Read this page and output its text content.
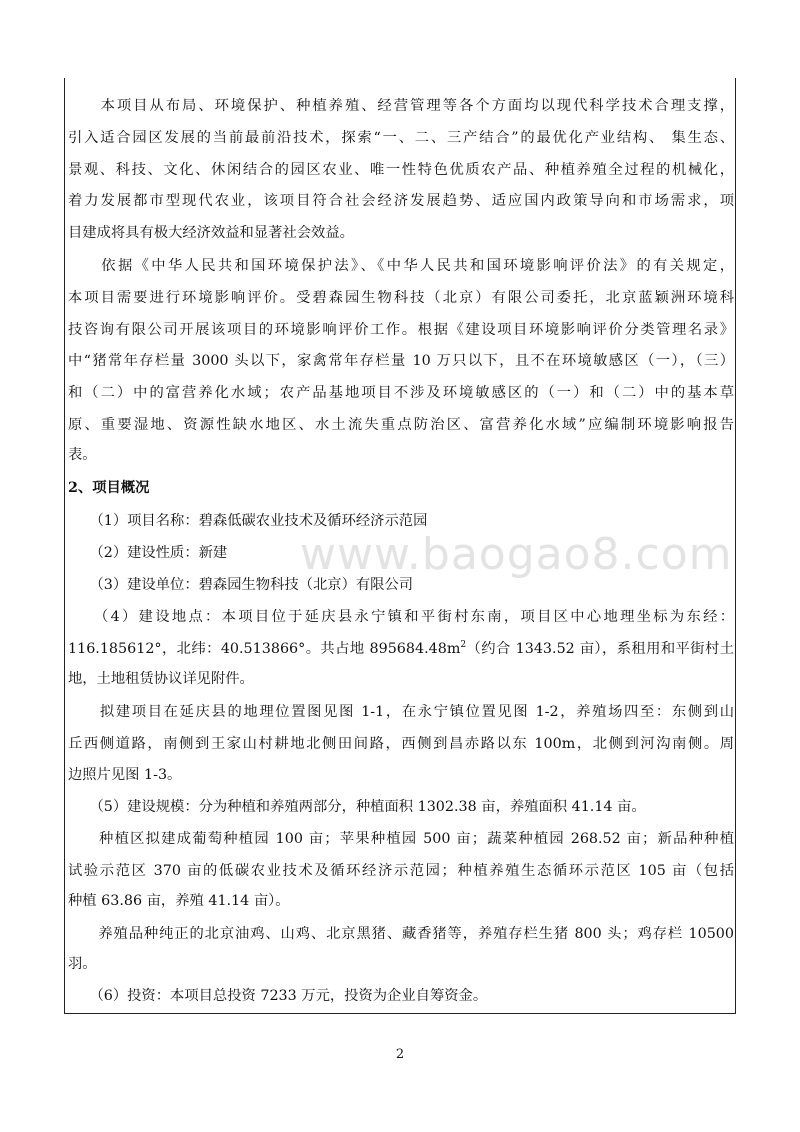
　　本项目从布局、环境保护、种植养殖、经营管理等各个方面均以现代科学技术合理支撑，
引入适合园区发展的当前最前沿技术，探索“一、二、三产结合”的最优化产业结构、 集生态、
景观、科技、文化、休闲结合的园区农业、唯一性特色优质农产品、种植养殖全过程的机械化，
着力发展都市型现代农业，该项目符合社会经济发展趋势、适应国内政策导向和市场需求，项
目建成将具有极大经济效益和显著社会效益。
　　依据《中华人民共和国环境保护法》、《中华人民共和国环境影响评价法》的有关规定，
本项目需要进行环境影响评价。受碧森园生物科技（北京）有限公司委托，北京蓝颖洲环境科
技咨询有限公司开展该项目的环境影响评价工作。根据《建设项目环境影响评价分类管理名录》
中“猪常年存栏量 3000 头以下，家禽常年存栏量 10 万只以下，且不在环境敏感区（一），（三）
和（二）中的富营养化水域；农产品基地项目不涉及环境敏感区的（一）和（二）中的基本草
原、重要湿地、资源性缺水地区、水土流失重点防治区、富营养化水域”应编制环境影响报告
表。
2、项目概况
　　（1）项目名称：碧森低碳农业技术及循环经济示范园
　　（2）建设性质：新建
　　（3）建设单位：碧森园生物科技（北京）有限公司
　　（4）建设地点：本项目位于延庆县永宁镇和平街村东南，项目区中心地理坐标为东经：
116.185612°，北纬：40.513866°。共占地 $895684.48m^2$（约合 1343.52 亩），系租用和平街村土
地，土地租赁协议详见附件。
　　拟建项目在延庆县的地理位置图见图 1-1，在永宁镇位置见图 1-2，养殖场四至：东侧到山
丘西侧道路，南侧到王家山村耕地北侧田间路，西侧到昌赤路以东 100m，北侧到河沟南侧。周
边照片见图 1-3。
　　（5）建设规模：分为种植和养殖两部分，种植面积 1302.38 亩，养殖面积 41.14 亩。
　　种植区拟建成葡萄种植园 100 亩；苹果种植园 500 亩；蔬菜种植园 268.52 亩；新品种种植
试验示范区 370 亩的低碳农业技术及循环经济示范园；种植养殖生态循环示范区 105 亩（包括
种植 63.86 亩，养殖 41.14 亩）。
　　养殖品种纯正的北京油鸡、山鸡、北京黑猪、藏香猪等，养殖存栏生猪 800 头；鸡存栏 10500
羽。
　　（6）投资：本项目总投资 7233 万元，投资为企业自筹资金。
www.baogao8.com
2
